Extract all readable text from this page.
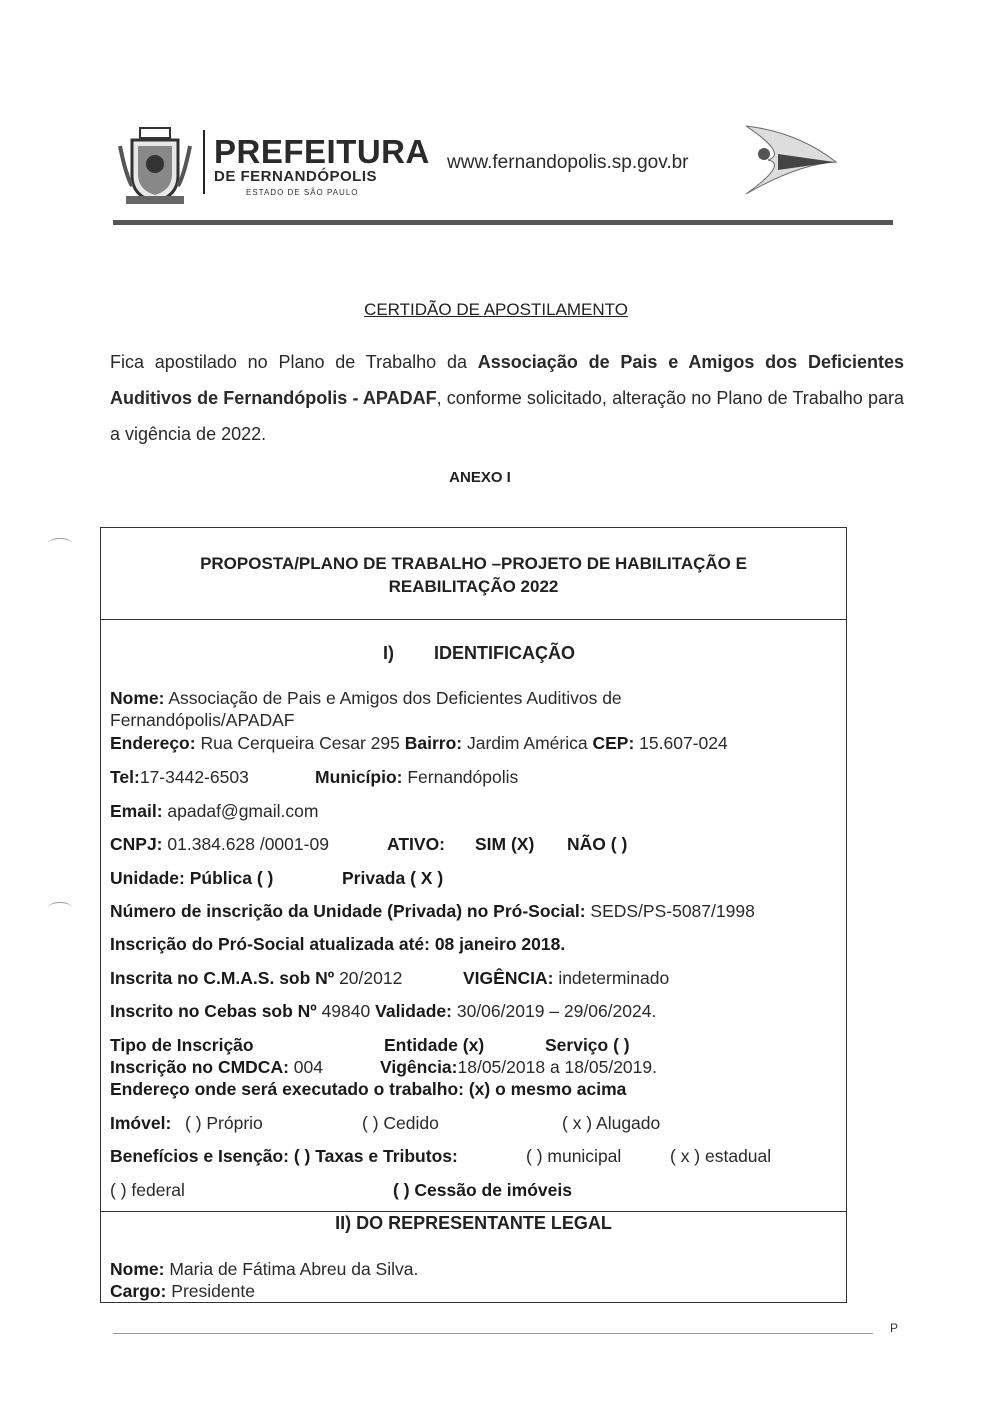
PREFEITURA
DE FERNANDÓPOLIS
ESTADO DE SÃO PAULO
www.fernandopolis.sp.gov.br
CERTIDÃO DE APOSTILAMENTO
Fica apostilado no Plano de Trabalho da Associação de Pais e Amigos dos Deficientes Auditivos de Fernandópolis - APADAF, conforme solicitado, alteração no Plano de Trabalho para a vigência de 2022.
ANEXO I
PROPOSTA/PLANO DE TRABALHO –PROJETO DE HABILITAÇÃO E
REABILITAÇÃO 2022
I) IDENTIFICAÇÃO
Nome: Associação de Pais e Amigos dos Deficientes Auditivos de
Fernandópolis/APADAF
Endereço: Rua Cerqueira Cesar 295 Bairro: Jardim América CEP: 15.607-024
Tel:17-3442-6503	Município: Fernandópolis
Email: apadaf@gmail.com
CNPJ: 01.384.628 /0001-09	ATIVO: SIM (X) NÃO ( )
Unidade: Pública ( )	Privada ( X )
Número de inscrição da Unidade (Privada) no Pró-Social: SEDS/PS-5087/1998
Inscrição do Pró-Social atualizada até: 08 janeiro 2018.
Inscrita no C.M.A.S. sob Nº 20/2012	VIGÊNCIA: indeterminado
Inscrito no Cebas sob Nº 49840 Validade: 30/06/2019 – 29/06/2024.
Tipo de Inscrição	Entidade (x)	Serviço ( )
Inscrição no CMDCA: 004	Vigência:18/05/2018 a 18/05/2019.
Endereço onde será executado o trabalho: (x) o mesmo acima
Imóvel: ( ) Próprio	( ) Cedido	( x ) Alugado
Benefícios e Isenção: ( ) Taxas e Tributos:	( ) municipal	( x ) estadual
( ) federal	( ) Cessão de imóveis
II) DO REPRESENTANTE LEGAL
Nome: Maria de Fátima Abreu da Silva.
Cargo: Presidente
P
